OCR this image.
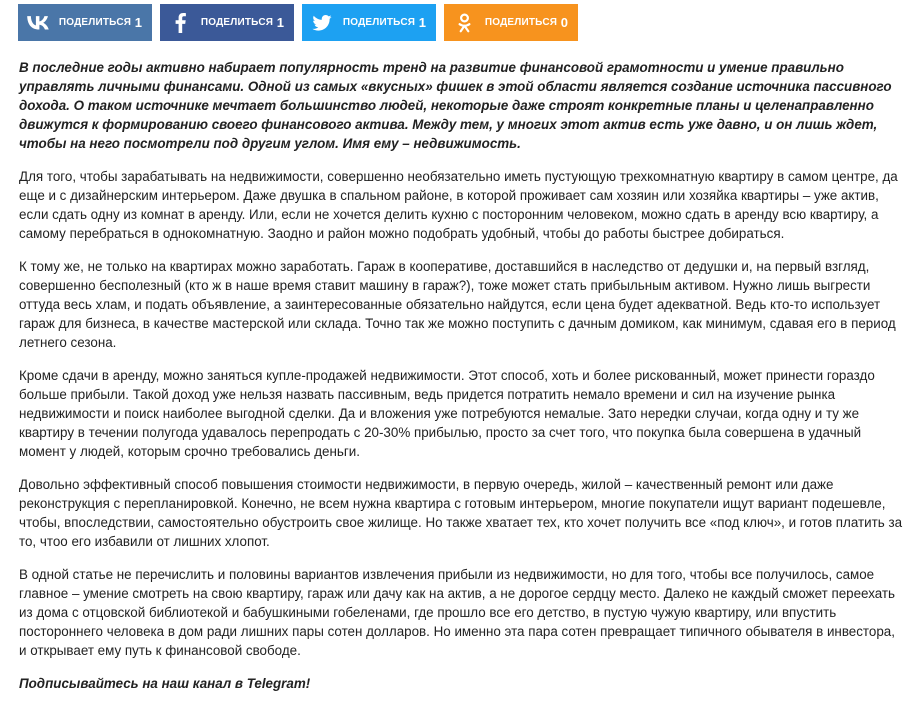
ПОДЕЛИТЬСЯ 1	ПОДЕЛИТЬСЯ 1	ПОДЕЛИТЬСЯ 1	ПОДЕЛИТЬСЯ 0

В последние годы активно набирает популярность тренд на развитие финансовой грамотности и умение правильно управлять личными финансами. Одной из самых «вкусных» фишек в этой области является создание источника пассивного дохода. О таком источнике мечтает большинство людей, некоторые даже строят конкретные планы и целенаправленно движутся к формированию своего финансового актива. Между тем, у многих этот актив есть уже давно, и он лишь ждет, чтобы на него посмотрели под другим углом. Имя ему – недвижимость.

Для того, чтобы зарабатывать на недвижимости, совершенно необязательно иметь пустующую трехкомнатную квартиру в самом центре, да еще и с дизайнерским интерьером. Даже двушка в спальном районе, в которой проживает сам хозяин или хозяйка квартиры – уже актив, если сдать одну из комнат в аренду. Или, если не хочется делить кухню с посторонним человеком, можно сдать в аренду всю квартиру, а самому перебраться в однокомнатную. Заодно и район можно подобрать удобный, чтобы до работы быстрее добираться.

К тому же, не только на квартирах можно заработать. Гараж в кооперативе, доставшийся в наследство от дедушки и, на первый взгляд, совершенно бесполезный (кто ж в наше время ставит машину в гараж?), тоже может стать прибыльным активом. Нужно лишь выгрести оттуда весь хлам, и подать объявление, а заинтересованные обязательно найдутся, если цена будет адекватной. Ведь кто-то использует гараж для бизнеса, в качестве мастерской или склада. Точно так же можно поступить с дачным домиком, как минимум, сдавая его в период летнего сезона.

Кроме сдачи в аренду, можно заняться купле-продажей недвижимости. Этот способ, хоть и более рискованный, может принести гораздо больше прибыли. Такой доход уже нельзя назвать пассивным, ведь придется потратить немало времени и сил на изучение рынка недвижимости и поиск наиболее выгодной сделки. Да и вложения уже потребуются немалые. Зато нередки случаи, когда одну и ту же квартиру в течении полугода удавалось перепродать с 20-30% прибылью, просто за счет того, что покупка была совершена в удачный момент у людей, которым срочно требовались деньги.

Довольно эффективный способ повышения стоимости недвижимости, в первую очередь, жилой – качественный ремонт или даже реконструкция с перепланировкой. Конечно, не всем нужна квартира с готовым интерьером, многие покупатели ищут вариант подешевле, чтобы, впоследствии, самостоятельно обустроить свое жилище. Но также хватает тех, кто хочет получить все «под ключ», и готов платить за то, чтоо его избавили от лишних хлопот.

В одной статье не перечислить и половины вариантов извлечения прибыли из недвижимости, но для того, чтобы все получилось, самое главное – умение смотреть на свою квартиру, гараж или дачу как на актив, а не дорогое сердцу место. Далеко не каждый сможет переехать из дома с отцовской библиотекой и бабушкиными гобеленами, где прошло все его детство, в пустую чужую квартиру, или впустить постороннего человека в дом ради лишних пары сотен долларов. Но именно эта пара сотен превращает типичного обывателя в инвестора, и открывает ему путь к финансовой свободе.

Подписывайтесь на наш канал в Telegram!
